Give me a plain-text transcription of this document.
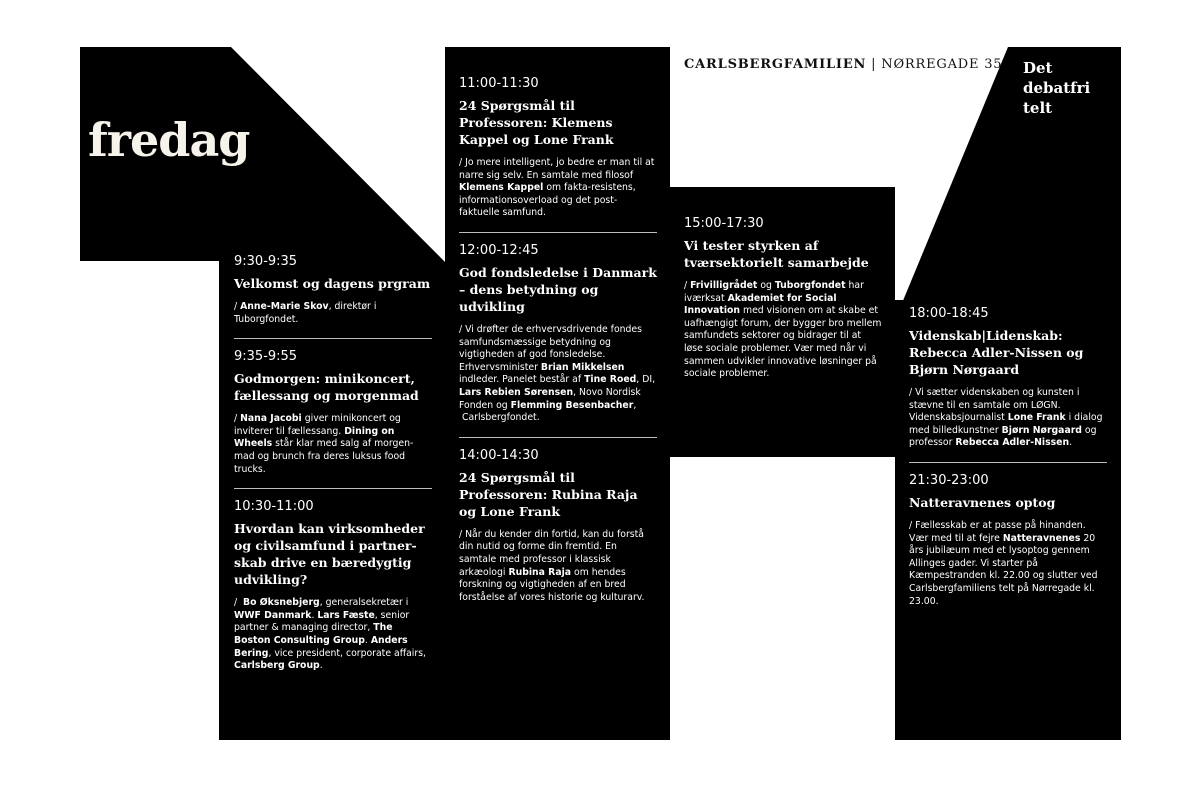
CARLSBERGFAMILIEN | NØRREGADE 35
fredag
Det debatfri telt
9:30-9:35
Velkomst og dagens prgram
/ Anne-Marie Skov, direktør i Tuborgfondet.
9:35-9:55
Godmorgen: minikoncert, fællessang og morgenmad
/ Nana Jacobi giver minikoncert og inviterer til fællessang. Dining on Wheels står klar med salg af morgen-mad og brunch fra deres luksus food trucks.
10:30-11:00
Hvordan kan virksomheder og civilsamfund i partner-skab drive en bæredygtig udvikling?
/  Bo Øksnebjerg, generalsekretær i WWF Danmark. Lars Fæste, senior partner & managing director, The Boston Consulting Group. Anders Bering, vice president, corporate affairs, Carlsberg Group.
11:00-11:30
24 Spørgsmål til Professoren: Klemens Kappel og Lone Frank
/ Jo mere intelligent, jo bedre er man til at narre sig selv. En samtale med filosof Klemens Kappel om fakta-resistens, informationsoverload og det post-faktuelle samfund.
12:00-12:45
God fondsledelse i Danmark – dens betydning og udvikling
/ Vi drøfter de erhvervsdrivende fondes samfundsmæssige betydning og vigtigheden af god fonsledelse. Erhvervsminister Brian Mikkelsen indleder. Panelet består af Tine Roed, DI, Lars Rebien Sørensen, Novo Nordisk Fonden og Flemming Besenbacher,  Carlsbergfondet.
14:00-14:30
24 Spørgsmål til Professoren: Rubina Raja og Lone Frank
/ Når du kender din fortid, kan du forstå din nutid og forme din fremtid. En samtale med professor i klassisk arkæologi Rubina Raja om hendes forskning og vigtigheden af en bred forståelse af vores historie og kulturarv.
15:00-17:30
Vi tester styrken af tværsektorielt samarbejde
/ Frivilligrådet og Tuborgfondet har iværksat Akademiet for Social Innovation med visionen om at skabe et uafhængigt forum, der bygger bro mellem samfundets sektorer og bidrager til at løse sociale problemer. Vær med når vi sammen udvikler innovative løsninger på sociale problemer.
18:00-18:45
Videnskab|Lidenskab: Rebecca Adler-Nissen og Bjørn Nørgaard
/ Vi sætter videnskaben og kunsten i stævne til en samtale om LØGN. Videnskabsjournalist Lone Frank i dialog med billedkunstner Bjørn Nørgaard og professor Rebecca Adler-Nissen.
21:30-23:00
Natteravnenes optog
/ Fællesskab er at passe på hinanden. Vær med til at fejre Natteravnenes 20 års jubilæum med et lysoptog gennem Allinges gader. Vi starter på Kæmpestranden kl. 22.00 og slutter ved Carlsbergfamiliens telt på Nørregade kl. 23.00.
